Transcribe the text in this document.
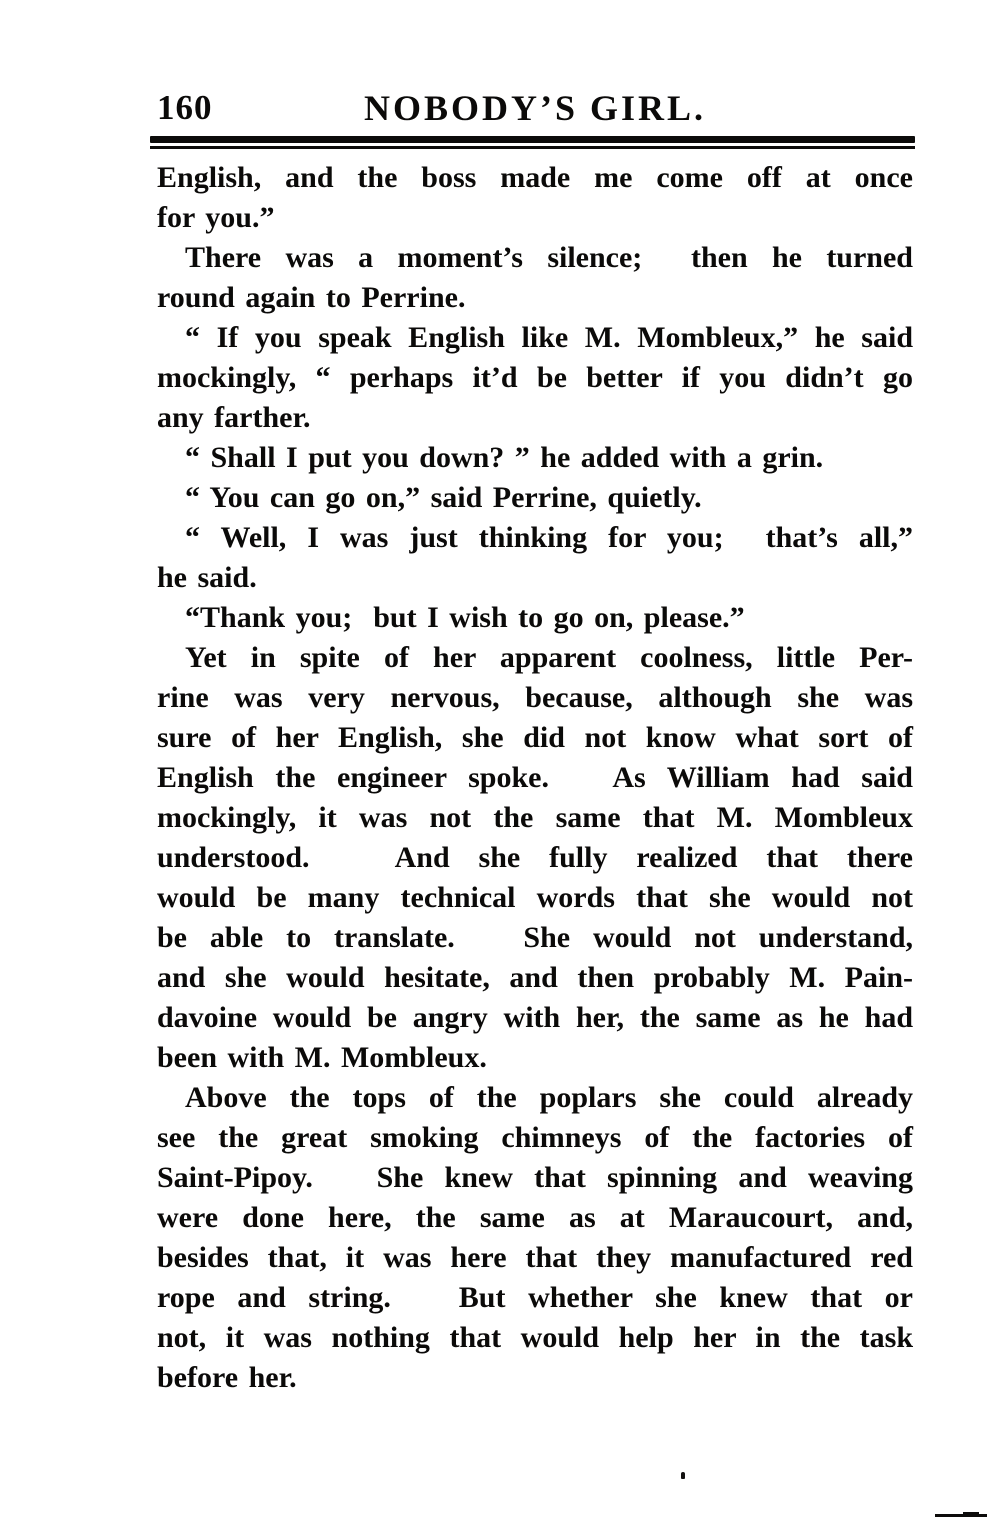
160	NOBODY’S GIRL.
English, and the boss made me come off at once
for you.”
There was a moment’s silence;  then he turned
round again to Perrine.
“ If you speak English like M. Mombleux,” he said
mockingly, “ perhaps it’d be better if you didn’t go
any farther.
“ Shall I put you down? ” he added with a grin.
“ You can go on,” said Perrine, quietly.
“ Well, I was just thinking for you;  that’s all,”
he said.
“Thank you;  but I wish to go on, please.”
Yet in spite of her apparent coolness, little Per-
rine was very nervous, because, although she was
sure of her English, she did not know what sort of
English the engineer spoke.   As William had said
mockingly, it was not the same that M. Mombleux
understood.   And she fully realized that there
would be many technical words that she would not
be able to translate.   She would not understand,
and she would hesitate, and then probably M. Pain-
davoine would be angry with her, the same as he had
been with M. Mombleux.
Above the tops of the poplars she could already
see the great smoking chimneys of the factories of
Saint-Pipoy.   She knew that spinning and weaving
were done here, the same as at Maraucourt, and,
besides that, it was here that they manufactured red
rope and string.   But whether she knew that or
not, it was nothing that would help her in the task
before her.
